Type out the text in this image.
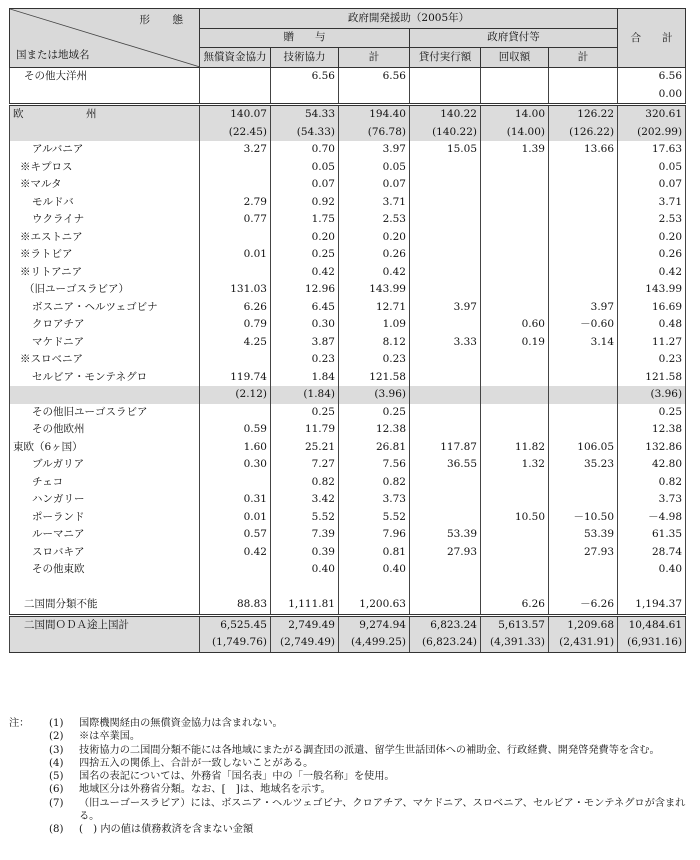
形　態
国または地域名	政府開発援助（2005年）						合　　計
	贈　　与			政府貸付等			
	無償資金協力	技術協力	計	貸付実行額	回収額	計	
その他大洋州		6.56	6.56				6.56
							0.00
欧　州	140.07	54.33	194.40	140.22	14.00	126.22	320.61
	(22.45)	(54.33)	(76.78)	(140.22)	(14.00)	(126.22)	(202.99)
アルバニア	3.27	0.70	3.97	15.05	1.39	13.66	17.63
※キプロス		0.05	0.05				0.05
※マルタ		0.07	0.07				0.07
モルドバ	2.79	0.92	3.71				3.71
ウクライナ	0.77	1.75	2.53				2.53
※エストニア		0.20	0.20				0.20
※ラトビア	0.01	0.25	0.26				0.26
※リトアニア		0.42	0.42				0.42
（旧ユーゴスラビア）	131.03	12.96	143.99				143.99
ボスニア・ヘルツェゴビナ	6.26	6.45	12.71	3.97		3.97	16.69
クロアチア	0.79	0.30	1.09		0.60	－0.60	0.48
マケドニア	4.25	3.87	8.12	3.33	0.19	3.14	11.27
※スロベニア		0.23	0.23				0.23
セルビア・モンテネグロ	119.74	1.84	121.58				121.58
	(2.12)	(1.84)	(3.96)				(3.96)
その他旧ユーゴスラビア		0.25	0.25				0.25
その他欧州	0.59	11.79	12.38				12.38
東欧（6ヶ国）	1.60	25.21	26.81	117.87	11.82	106.05	132.86
ブルガリア	0.30	7.27	7.56	36.55	1.32	35.23	42.80
チェコ		0.82	0.82				0.82
ハンガリー	0.31	3.42	3.73				3.73
ポーランド	0.01	5.52	5.52		10.50	－10.50	－4.98
ルーマニア	0.57	7.39	7.96	53.39		53.39	61.35
スロバキア	0.42	0.39	0.81	27.93		27.93	28.74
その他東欧		0.40	0.40				0.40

二国間分類不能	88.83	1,111.81	1,200.63		6.26	－6.26	1,194.37
二国間ＯＤＡ途上国計	6,525.45	2,749.49	9,274.94	6,823.24	5,613.57	1,209.68	10,484.61
	(1,749.76)	(2,749.49)	(4,499.25)	(6,823.24)	(4,391.33)	(2,431.91)	(6,931.16)
注：	(1)	国際機関経由の無償資金協力は含まれない。
(2)	※は卒業国。
(3)	技術協力の二国間分類不能には各地域にまたがる調査団の派遣、留学生世話団体への補助金、行政経費、開発啓発費等を含む。
(4)	四捨五入の関係上、合計が一致しないことがある。
(5)	国名の表記については、外務省「国名表」中の「一般名称」を使用。
(6)	地域区分は外務省分類。なお、[　]は、地域名を示す。
(7)	（旧ユーゴースラビア）には、ボスニア・ヘルツェゴビナ、クロアチア、マケドニア、スロベニア、セルビア・モンテネグロが含まれる。
(8)	(　) 内の値は債務救済を含まない金額
